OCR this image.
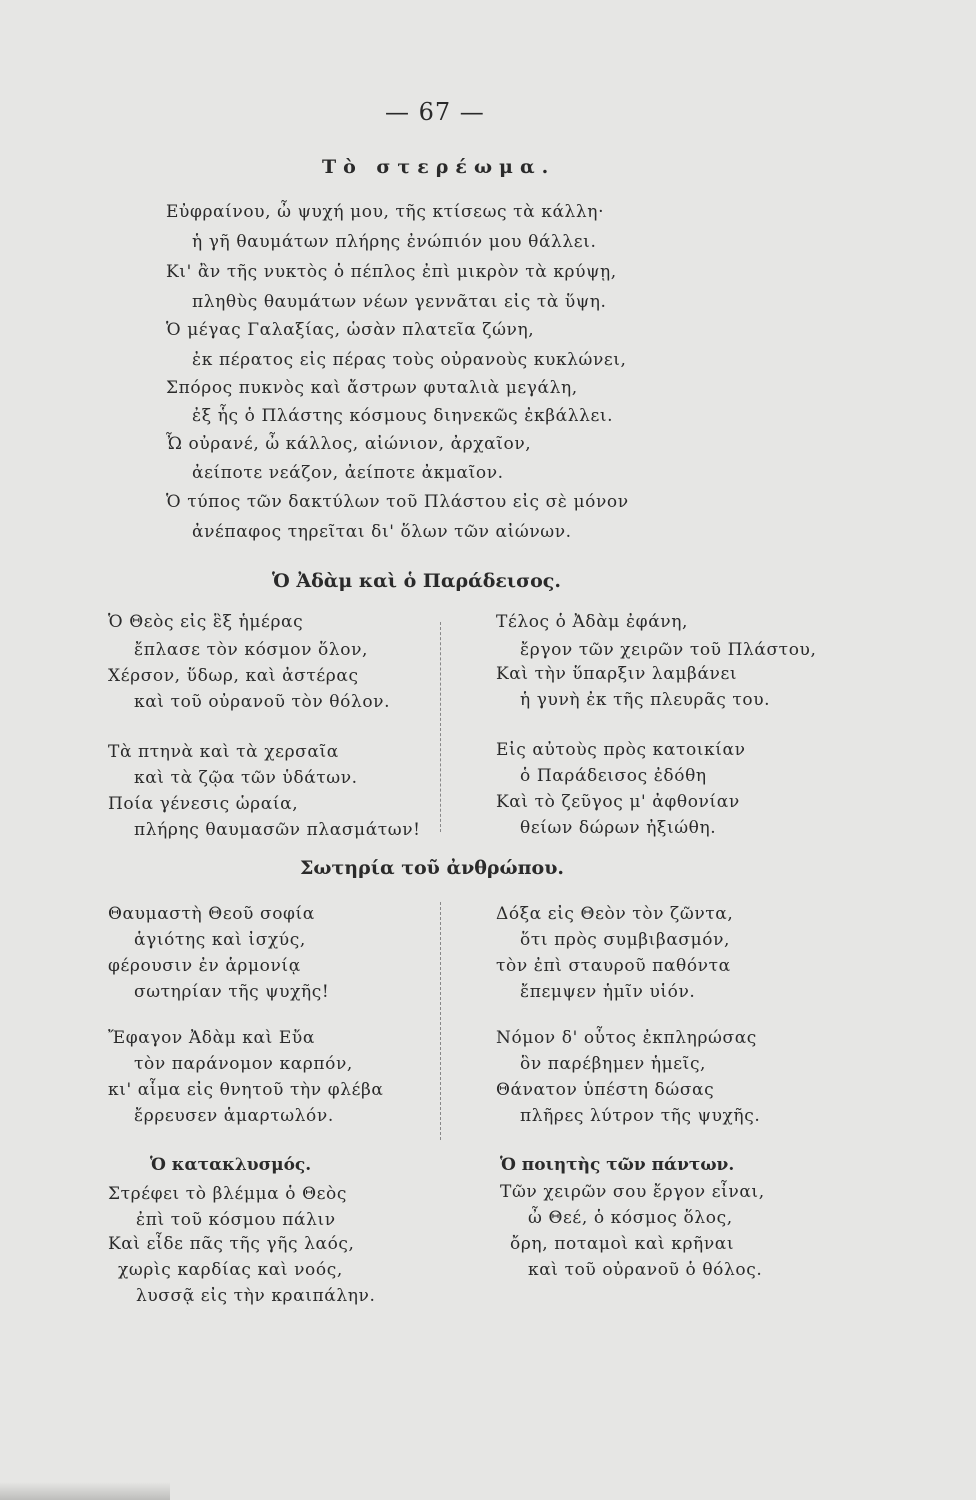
— 67 —
Τὸ στερέωμα.
Εὐφραίνου, ὦ ψυχή μου, τῆς κτίσεως τὰ κάλλη·
ἡ γῆ θαυμάτων πλήρης ἐνώπιόν μου θάλλει.
Κι' ἂν τῆς νυκτὸς ὁ πέπλος ἐπὶ μικρὸν τὰ κρύψῃ,
πληθὺς θαυμάτων νέων γεννᾶται εἰς τὰ ὕψη.
Ὁ μέγας Γαλαξίας, ὡσὰν πλατεῖα ζώνη,
ἐκ πέρατος εἰς πέρας τοὺς οὐρανοὺς κυκλώνει,
Σπόρος πυκνὸς καὶ ἄστρων φυταλιὰ μεγάλη,
ἐξ ἧς ὁ Πλάστης κόσμους διηνεκῶς ἐκβάλλει.
Ὦ οὐρανέ, ὦ κάλλος, αἰώνιον, ἀρχαῖον,
ἀείποτε νεάζον, ἀείποτε ἀκμαῖον.
Ὁ τύπος τῶν δακτύλων τοῦ Πλάστου εἰς σὲ μόνον
ἀνέπαφος τηρεῖται δι' ὅλων τῶν αἰώνων.
Ὁ Ἀδὰμ καὶ ὁ Παράδεισος.
Ὁ Θεὸς εἰς ἓξ ἡμέρας
ἔπλασε τὸν κόσμον ὅλον,
Χέρσον, ὕδωρ, καὶ ἀστέρας
καὶ τοῦ οὐρανοῦ τὸν θόλον.
Τὰ πτηνὰ καὶ τὰ χερσαῖα
καὶ τὰ ζῷα τῶν ὑδάτων.
Ποία γένεσις ὡραία,
πλήρης θαυμασῶν πλασμάτων!
Τέλος ὁ Ἀδὰμ ἐφάνη,
ἔργον τῶν χειρῶν τοῦ Πλάστου,
Καὶ τὴν ὕπαρξιν λαμβάνει
ἡ γυνὴ ἐκ τῆς πλευρᾶς του.
Εἰς αὐτοὺς πρὸς κατοικίαν
ὁ Παράδεισος ἐδόθη
Καὶ τὸ ζεῦγος μ' ἀφθονίαν
θείων δώρων ἠξιώθη.
Σωτηρία τοῦ ἀνθρώπου.
Θαυμαστὴ Θεοῦ σοφία
ἁγιότης καὶ ἰσχύς,
φέρουσιν ἐν ἁρμονίᾳ
σωτηρίαν τῆς ψυχῆς!
Ἔφαγον Ἀδὰμ καὶ Εὔα
τὸν παράνομον καρπόν,
κι' αἷμα εἰς θνητοῦ τὴν φλέβα
ἔρρευσεν ἁμαρτωλόν.
Δόξα εἰς Θεὸν τὸν ζῶντα,
ὅτι πρὸς συμβιβασμόν,
τὸν ἐπὶ σταυροῦ παθόντα
ἔπεμψεν ἡμῖν υἱόν.
Νόμον δ' οὗτος ἐκπληρώσας
ὃν παρέβημεν ἡμεῖς,
Θάνατον ὑπέστη δώσας
πλῆρες λύτρον τῆς ψυχῆς.
Ὁ κατακλυσμός.
Στρέφει τὸ βλέμμα ὁ Θεὸς
ἐπὶ τοῦ κόσμου πάλιν
Καὶ εἶδε πᾶς τῆς γῆς λαός,
χωρὶς καρδίας καὶ νοός,
λυσσᾷ εἰς τὴν κραιπάλην.
Ὁ ποιητὴς τῶν πάντων.
Τῶν χειρῶν σου ἔργον εἶναι,
ὦ Θεέ, ὁ κόσμος ὅλος,
ὄρη, ποταμοὶ καὶ κρῆναι
καὶ τοῦ οὐρανοῦ ὁ θόλος.
